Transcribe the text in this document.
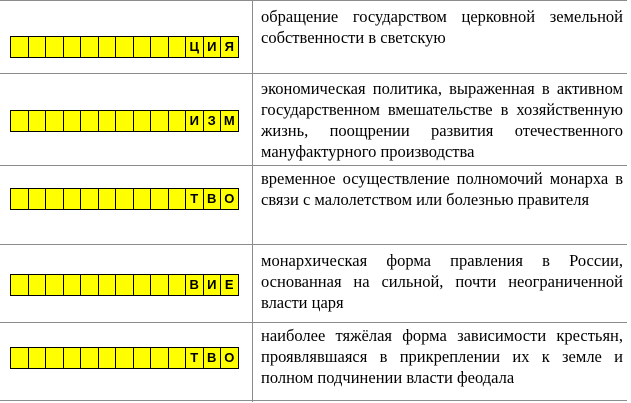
Ц И Я
обращение государством церковной земельной собственности в светскую
И З М
экономическая политика, выраженная в активном государственном вмешательстве в хозяйственную жизнь, поощрении развития отечественного мануфактурного производства
Т В О
временное осуществление полномочий монарха в связи с малолетством или болезнью правителя
В И Е
монархическая форма правления в России, основанная на сильной, почти неограниченной власти царя
Т В О
наиболее тяжёлая форма зависимости крестьян, проявлявшаяся в прикреплении их к земле и полном подчинении власти феодала
